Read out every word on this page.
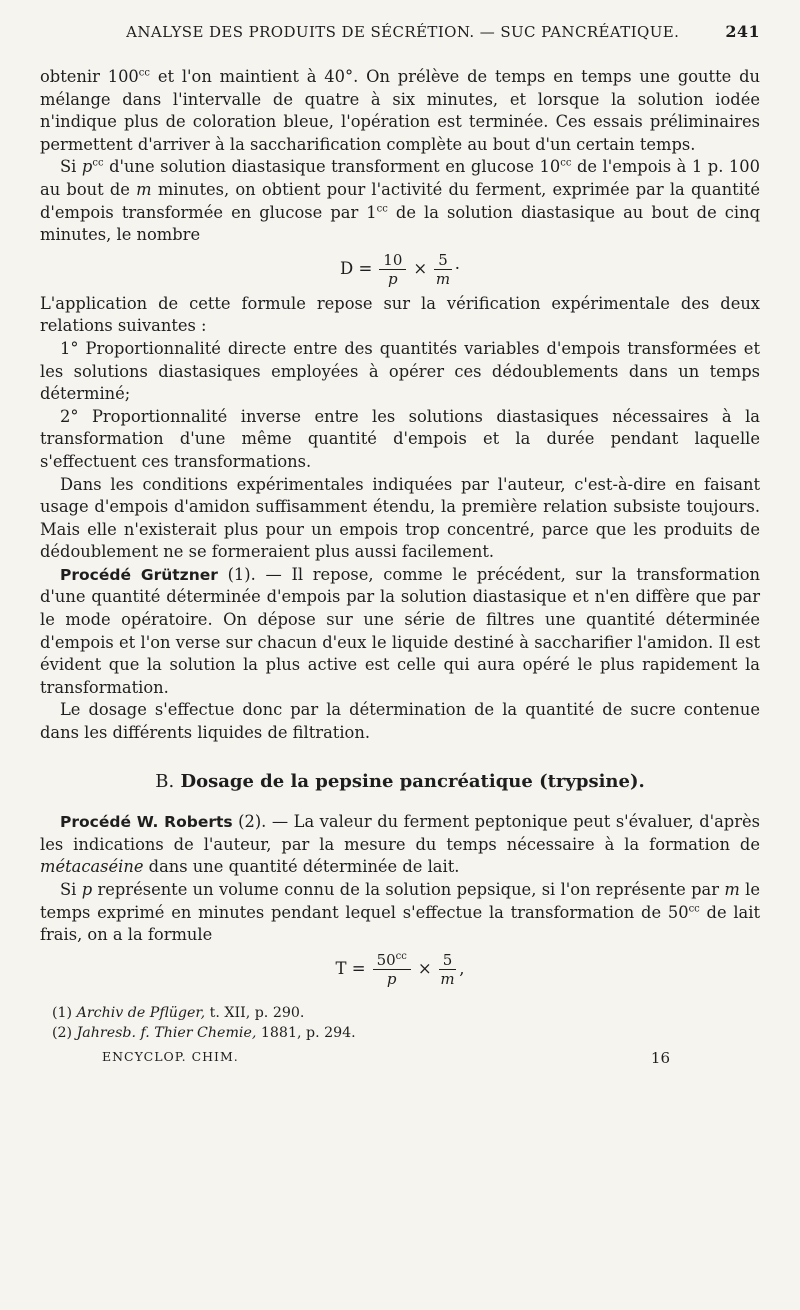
ANALYSE DES PRODUITS DE SÉCRÉTION. — SUC PANCRÉATIQUE.	241

obtenir $100^{cc}$ et l'on maintient à 40°. On prélève de temps en temps une goutte du mélange dans l'intervalle de quatre à six minutes, et lorsque la solution iodée n'indique plus de coloration bleue, l'opération est terminée. Ces essais préliminaires permettent d'arriver à la saccharification complète au bout d'un certain temps.

Si $p^{cc}$ d'une solution diastasique transforment en glucose $10^{cc}$ de l'empois à 1 p. 100 au bout de m minutes, on obtient pour l'activité du ferment, exprimée par la quantité d'empois transformée en glucose par $1^{cc}$ de la solution diastasique au bout de cinq minutes, le nombre

$D = \frac{10}{p} \times \frac{5}{m}$ ·

L'application de cette formule repose sur la vérification expérimentale des deux relations suivantes :

1° Proportionnalité directe entre des quantités variables d'empois transformées et les solutions diastasiques employées à opérer ces dédoublements dans un temps déterminé;

2° Proportionnalité inverse entre les solutions diastasiques nécessaires à la transformation d'une même quantité d'empois et la durée pendant laquelle s'effectuent ces transformations.

Dans les conditions expérimentales indiquées par l'auteur, c'est-à-dire en faisant usage d'empois d'amidon suffisamment étendu, la première relation subsiste toujours. Mais elle n'existerait plus pour un empois trop concentré, parce que les produits de dédoublement ne se formeraient plus aussi facilement.

Procédé Grützner (1). — Il repose, comme le précédent, sur la transformation d'une quantité déterminée d'empois par la solution diastasique et n'en diffère que par le mode opératoire. On dépose sur une série de filtres une quantité déterminée d'empois et l'on verse sur chacun d'eux le liquide destiné à saccharifier l'amidon. Il est évident que la solution la plus active est celle qui aura opéré le plus rapidement la transformation.

Le dosage s'effectue donc par la détermination de la quantité de sucre contenue dans les différents liquides de filtration.

B. Dosage de la pepsine pancréatique (trypsine).

Procédé W. Roberts (2). — La valeur du ferment peptonique peut s'évaluer, d'après les indications de l'auteur, par la mesure du temps nécessaire à la formation de métacaséine dans une quantité déterminée de lait.

Si p représente un volume connu de la solution pepsique, si l'on représente par m le temps exprimé en minutes pendant lequel s'effectue la transformation de $50^{cc}$ de lait frais, on a la formule

$T = \frac{50^{cc}}{p} \times \frac{5}{m}$ ,
(1) Archiv de Pflüger, t. XII, p. 290.
(2) Jahresb. f. Thier Chemie, 1881, p. 294.
ENCYCLOP. CHIM.	16
